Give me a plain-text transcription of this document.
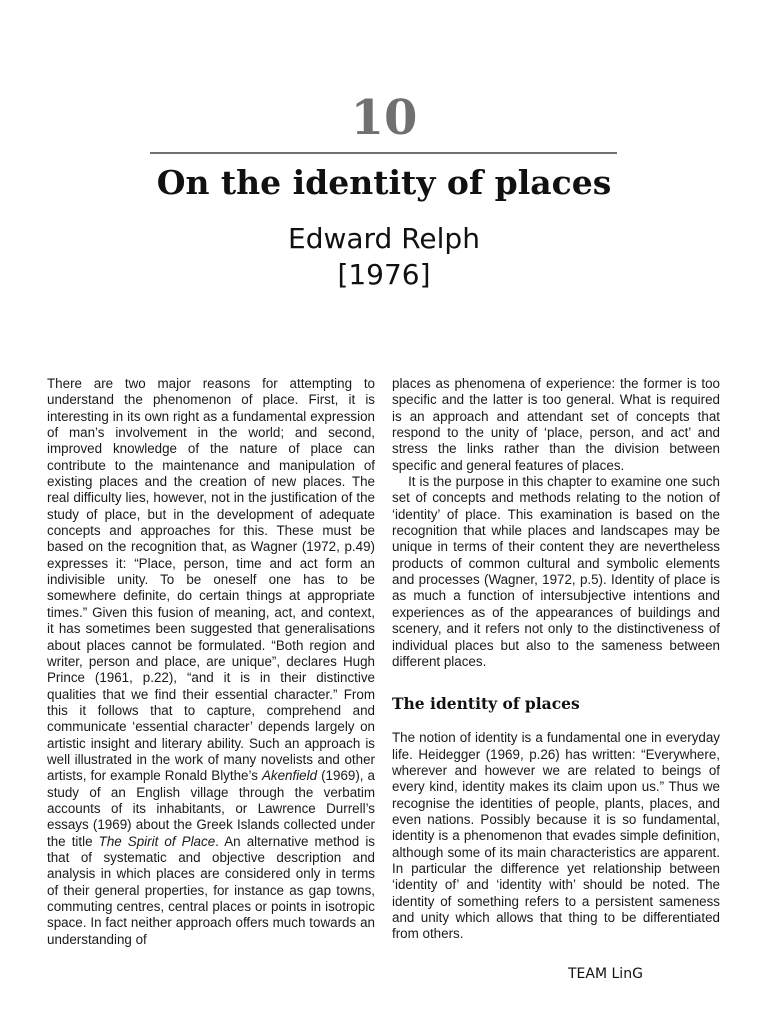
10
On the identity of places
Edward Relph
[1976]

There are two major reasons for attempting to understand the phenomenon of place. First, it is interesting in its own right as a fundamental expression of man’s involvement in the world; and second, improved knowledge of the nature of place can contribute to the maintenance and manipulation of existing places and the creation of new places. The real difficulty lies, however, not in the justification of the study of place, but in the development of adequate concepts and approaches for this. These must be based on the recognition that, as Wagner (1972, p.49) expresses it: “Place, person, time and act form an indivisible unity. To be oneself one has to be somewhere definite, do certain things at appropriate times.” Given this fusion of meaning, act, and context, it has sometimes been suggested that generalisations about places cannot be formulated. “Both region and writer, person and place, are unique”, declares Hugh Prince (1961, p.22), “and it is in their distinctive qualities that we find their essential character.” From this it follows that to capture, comprehend and communicate ‘essential character’ depends largely on artistic insight and literary ability. Such an approach is well illustrated in the work of many novelists and other artists, for example Ronald Blythe’s Akenfield (1969), a study of an English village through the verbatim accounts of its inhabitants, or Lawrence Durrell’s essays (1969) about the Greek Islands collected under the title The Spirit of Place. An alternative method is that of systematic and objective description and analysis in which places are considered only in terms of their general properties, for instance as gap towns, commuting centres, central places or points in isotropic space. In fact neither approach offers much towards an understanding of

places as phenomena of experience: the former is too specific and the latter is too general. What is required is an approach and attendant set of concepts that respond to the unity of ‘place, person, and act’ and stress the links rather than the division between specific and general features of places.

It is the purpose in this chapter to examine one such set of concepts and methods relating to the notion of ‘identity’ of place. This examination is based on the recognition that while places and landscapes may be unique in terms of their content they are nevertheless products of common cultural and symbolic elements and processes (Wagner, 1972, p.5). Identity of place is as much a function of intersubjective intentions and experiences as of the appearances of buildings and scenery, and it refers not only to the distinctiveness of individual places but also to the sameness between different places.

The identity of places

The notion of identity is a fundamental one in everyday life. Heidegger (1969, p.26) has written: “Everywhere, wherever and however we are related to beings of every kind, identity makes its claim upon us.” Thus we recognise the identities of people, plants, places, and even nations. Possibly because it is so fundamental, identity is a phenomenon that evades simple definition, although some of its main characteristics are apparent. In particular the difference yet relationship between ‘identity of’ and ‘identity with’ should be noted. The identity of something refers to a persistent sameness and unity which allows that thing to be differentiated from others.

TEAM LinG
